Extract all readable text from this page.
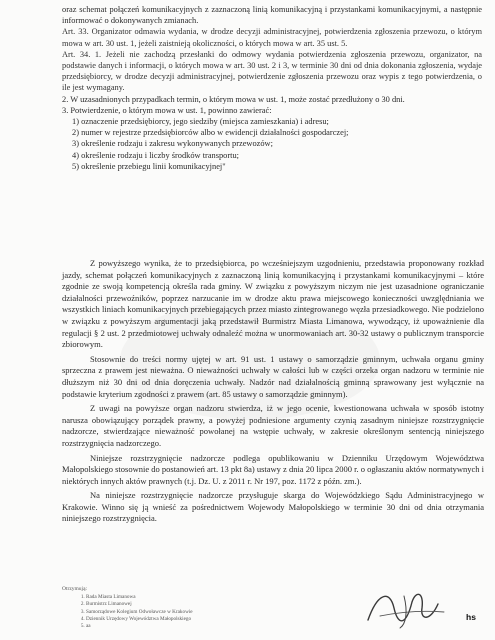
oraz schemat połączeń komunikacyjnych z zaznaczoną linią komunikacyjną i przystankami komunikacyjnymi, a następnie informować o dokonywanych zmianach.

Art. 33. Organizator odmawia wydania, w drodze decyzji administracyjnej, potwierdzenia zgłoszenia przewozu, o którym mowa w art. 30 ust. 1, jeżeli zaistnieją okoliczności, o których mowa w art. 35 ust. 5.

Art. 34. 1. Jeżeli nie zachodzą przesłanki do odmowy wydania potwierdzenia zgłoszenia przewozu, organizator, na podstawie danych i informacji, o których mowa w art. 30 ust. 2 i 3, w terminie 30 dni od dnia dokonania zgłoszenia, wydaje przedsiębiorcy, w drodze decyzji administracyjnej, potwierdzenie zgłoszenia przewozu oraz wypis z tego potwierdzenia, o ile jest wymagany.

2. W uzasadnionych przypadkach termin, o którym mowa w ust. 1, może zostać przedłużony o 30 dni.

3. Potwierdzenie, o którym mowa w ust. 1, powinno zawierać:

1) oznaczenie przedsiębiorcy, jego siedziby (miejsca zamieszkania) i adresu;
2) numer w rejestrze przedsiębiorców albo w ewidencji działalności gospodarczej;
3) określenie rodzaju i zakresu wykonywanych przewozów;
4) określenie rodzaju i liczby środków transportu;
5) określenie przebiegu linii komunikacyjnej"

Z powyższego wynika, że to przedsiębiorca, po wcześniejszym uzgodnieniu, przedstawia proponowany rozkład jazdy, schemat połączeń komunikacyjnych z zaznaczoną linią komunikacyjną i przystankami komunikacyjnymi – które zgodnie ze swoją kompetencją określa rada gminy. W związku z powyższym niczym nie jest uzasadnione ograniczanie działalności przewoźników, poprzez narzucanie im w drodze aktu prawa miejscowego konieczności uwzględniania we wszystkich liniach komunikacyjnych przebiegających przez miasto zintegrowanego węzła przesiadkowego. Nie podzielono w związku z powyższym argumentacji jaką przedstawił Burmistrz Miasta Limanowa, wywodzący, iż upoważnienie dla regulacji § 2 ust. 2 przedmiotowej uchwały odnaleźć można w unormowaniach art. 30-32 ustawy o publicznym transporcie zbiorowym.

Stosownie do treści normy ujętej w art. 91 ust. 1 ustawy o samorządzie gminnym, uchwała organu gminy sprzeczna z prawem jest nieważna. O nieważności uchwały w całości lub w części orzeka organ nadzoru w terminie nie dłuższym niż 30 dni od dnia doręczenia uchwały. Nadzór nad działalnością gminną sprawowany jest wyłącznie na podstawie kryterium zgodności z prawem (art. 85 ustawy o samorządzie gminnym).

Z uwagi na powyższe organ nadzoru stwierdza, iż w jego ocenie, kwestionowana uchwała w sposób istotny narusza obowiązujący porządek prawny, a powyżej podniesione argumenty czynią zasadnym niniejsze rozstrzygnięcie nadzorcze, stwierdzające nieważność powołanej na wstępie uchwały, w zakresie określonym sentencją niniejszego rozstrzygnięcia nadzorczego.

Niniejsze rozstrzygnięcie nadzorcze podlega opublikowaniu w Dzienniku Urzędowym Województwa Małopolskiego stosownie do postanowień art. 13 pkt 8a) ustawy z dnia 20 lipca 2000 r. o ogłaszaniu aktów normatywnych i niektórych innych aktów prawnych (t.j. Dz. U. z 2011 r. Nr 197, poz. 1172 z późn. zm.).

Na niniejsze rozstrzygnięcie nadzorcze przysługuje skarga do Wojewódzkiego Sądu Administracyjnego w Krakowie. Winno się ją wnieść za pośrednictwem Wojewody Małopolskiego w terminie 30 dni od dnia otrzymania niniejszego rozstrzygnięcia.

Otrzymują:
1. Rada Miasta Limanowa
2. Burmistrz Limanowej
3. Samorządowe Kolegium Odwoławcze w Krakowie
4. Dziennik Urzędowy Województwa Małopolskiego
5. aa
hs
